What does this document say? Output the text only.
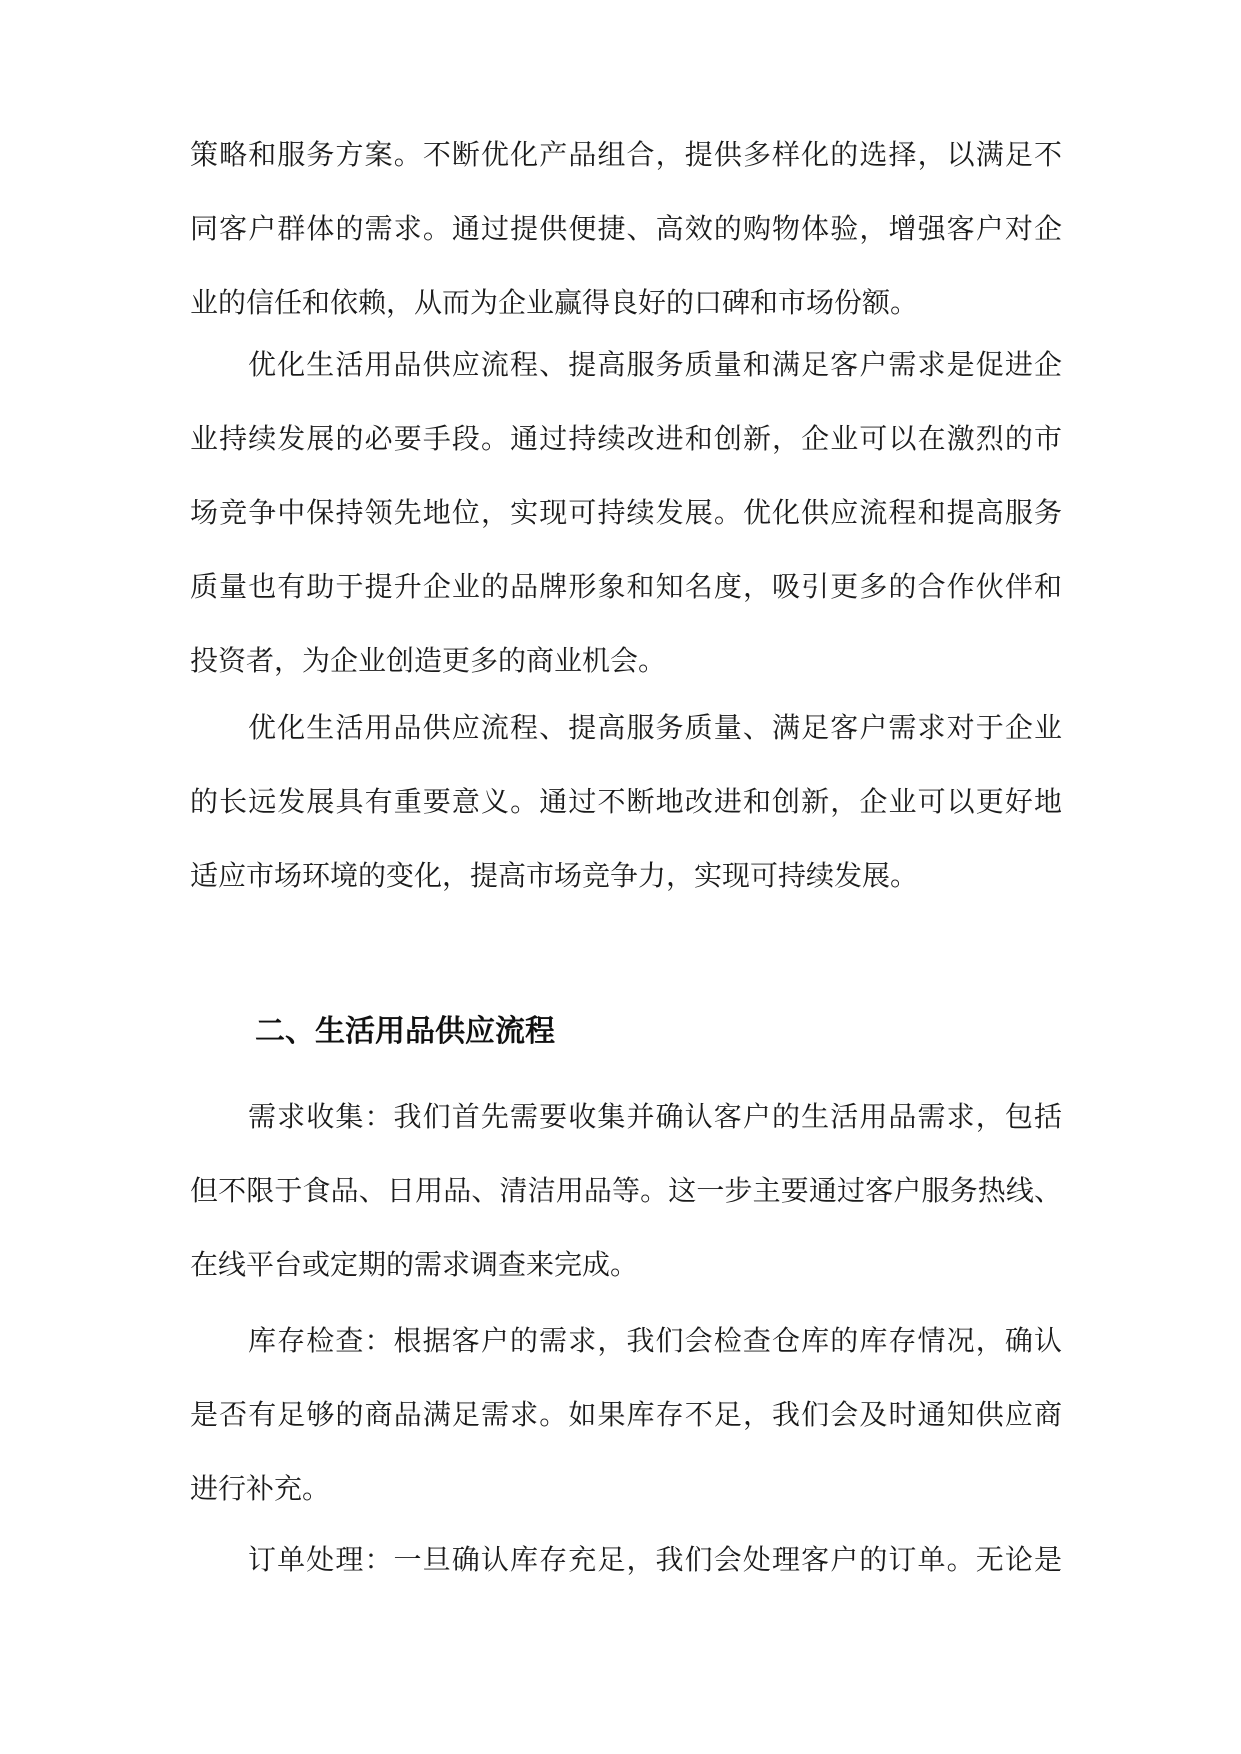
策略和服务方案。不断优化产品组合，提供多样化的选择，以满足不
同客户群体的需求。通过提供便捷、高效的购物体验，增强客户对企
业的信任和依赖，从而为企业赢得良好的口碑和市场份额。
优化生活用品供应流程、提高服务质量和满足客户需求是促进企
业持续发展的必要手段。通过持续改进和创新，企业可以在激烈的市
场竞争中保持领先地位，实现可持续发展。优化供应流程和提高服务
质量也有助于提升企业的品牌形象和知名度，吸引更多的合作伙伴和
投资者，为企业创造更多的商业机会。
优化生活用品供应流程、提高服务质量、满足客户需求对于企业
的长远发展具有重要意义。通过不断地改进和创新，企业可以更好地
适应市场环境的变化，提高市场竞争力，实现可持续发展。
二、生活用品供应流程
需求收集：我们首先需要收集并确认客户的生活用品需求，包括
但不限于食品、日用品、清洁用品等。这一步主要通过客户服务热线、
在线平台或定期的需求调查来完成。
库存检查：根据客户的需求，我们会检查仓库的库存情况，确认
是否有足够的商品满足需求。如果库存不足，我们会及时通知供应商
进行补充。
订单处理：一旦确认库存充足，我们会处理客户的订单。无论是
